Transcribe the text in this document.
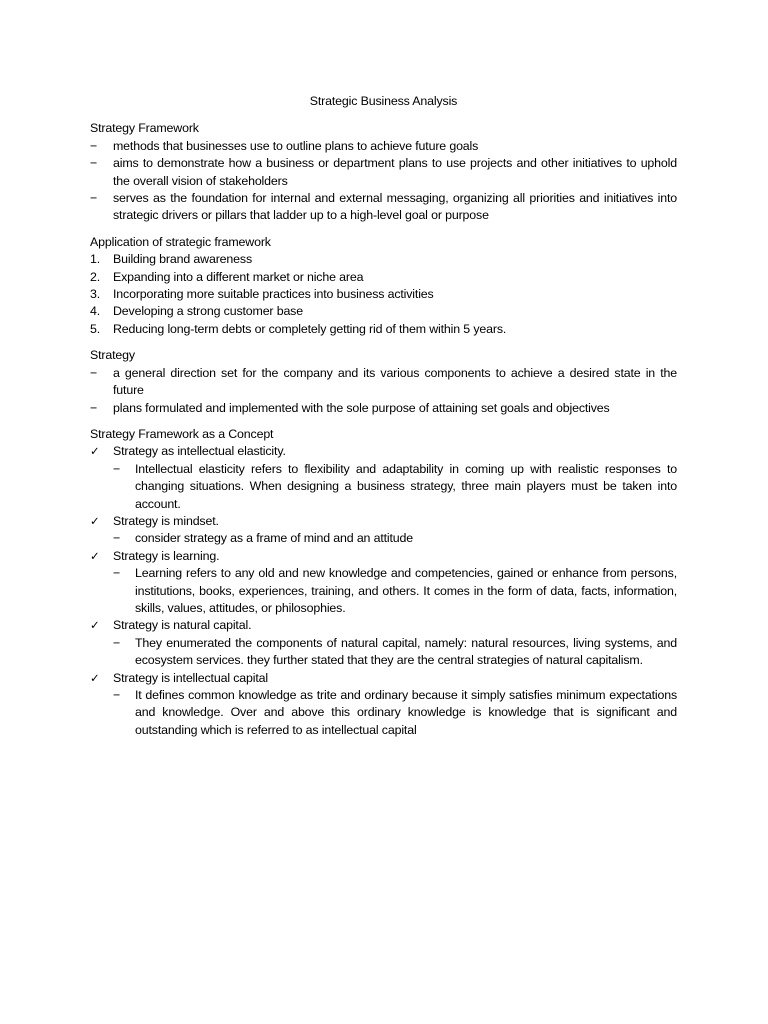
Strategic Business Analysis
Strategy Framework
− methods that businesses use to outline plans to achieve future goals
− aims to demonstrate how a business or department plans to use projects and other initiatives to uphold the overall vision of stakeholders
− serves as the foundation for internal and external messaging, organizing all priorities and initiatives into strategic drivers or pillars that ladder up to a high-level goal or purpose
Application of strategic framework
1. Building brand awareness
2. Expanding into a different market or niche area
3. Incorporating more suitable practices into business activities
4. Developing a strong customer base
5. Reducing long-term debts or completely getting rid of them within 5 years.
Strategy
− a general direction set for the company and its various components to achieve a desired state in the future
− plans formulated and implemented with the sole purpose of attaining set goals and objectives
Strategy Framework as a Concept
✓ Strategy as intellectual elasticity.
− Intellectual elasticity refers to flexibility and adaptability in coming up with realistic responses to changing situations. When designing a business strategy, three main players must be taken into account.
✓ Strategy is mindset.
− consider strategy as a frame of mind and an attitude
✓ Strategy is learning.
− Learning refers to any old and new knowledge and competencies, gained or enhance from persons, institutions, books, experiences, training, and others. It comes in the form of data, facts, information, skills, values, attitudes, or philosophies.
✓ Strategy is natural capital.
− They enumerated the components of natural capital, namely: natural resources, living systems, and ecosystem services. they further stated that they are the central strategies of natural capitalism.
✓ Strategy is intellectual capital
− It defines common knowledge as trite and ordinary because it simply satisfies minimum expectations and knowledge. Over and above this ordinary knowledge is knowledge that is significant and outstanding which is referred to as intellectual capital
